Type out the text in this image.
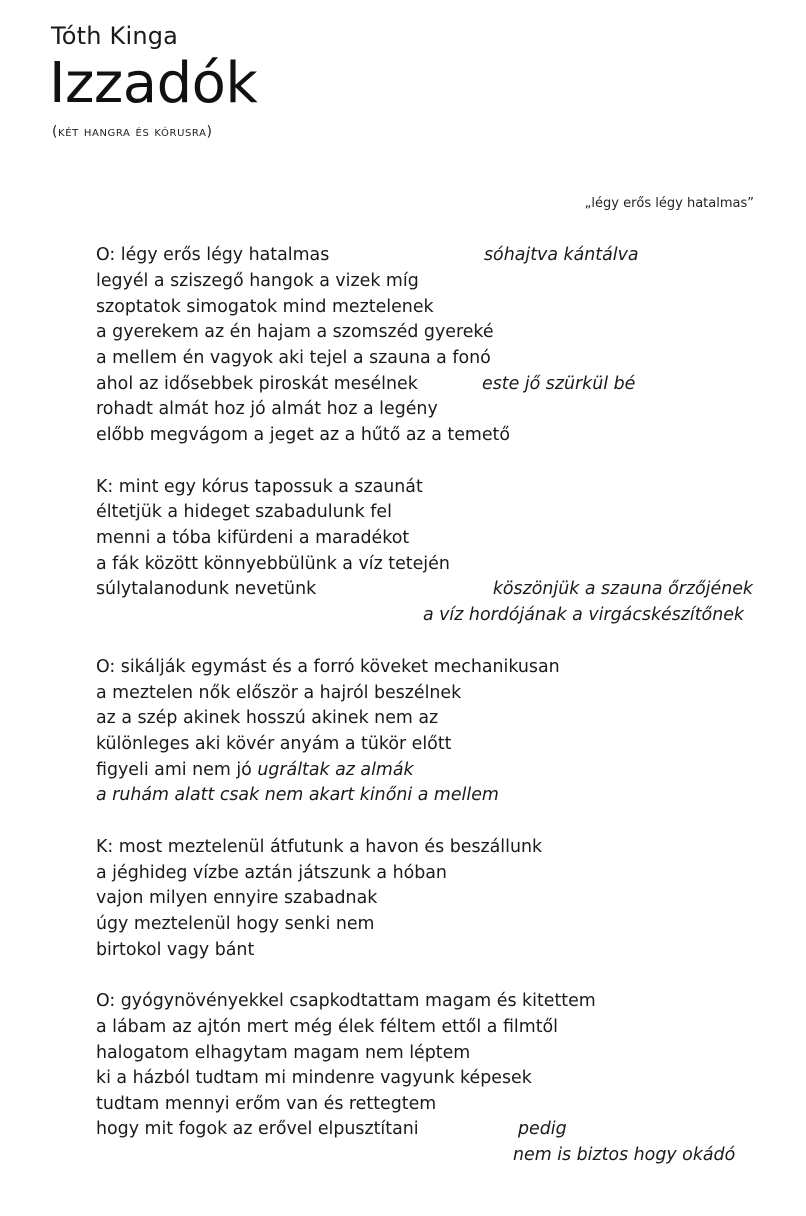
Tóth Kinga
Izzadók
(két hangra és kórusra)
„légy erős légy hatalmas”
O: légy erős légy hatalmas	sóhajtva kántálva
legyél a sziszegő hangok a vizek míg
szoptatok simogatok mind meztelenek
a gyerekem az én hajam a szomszéd gyereké
a mellem én vagyok aki tejel a szauna a fonó
ahol az idősebbek piroskát mesélnek	este jő szürkül bé
rohadt almát hoz jó almát hoz a legény
előbb megvágom a jeget az a hűtő az a temető
K: mint egy kórus tapossuk a szaunát
éltetjük a hideget szabadulunk fel
menni a tóba kifürdeni a maradékot
a fák között könnyebbülünk a víz tetején
súlytalanodunk nevetünk	köszönjük a szauna őrzőjének
a víz hordójának a virgácskészítőnek
O: sikálják egymást és a forró köveket mechanikusan
a meztelen nők először a hajról beszélnek
az a szép akinek hosszú akinek nem az
különleges aki kövér anyám a tükör előtt
figyeli ami nem jó ugráltak az almák
a ruhám alatt csak nem akart kinőni a mellem
K: most meztelenül átfutunk a havon és beszállunk
a jéghideg vízbe aztán játszunk a hóban
vajon milyen ennyire szabadnak
úgy meztelenül hogy senki nem
birtokol vagy bánt
O: gyógynövényekkel csapkodtattam magam és kitettem
a lábam az ajtón mert még élek féltem ettől a filmtől
halogatom elhagytam magam nem léptem
ki a házból tudtam mi mindenre vagyunk képesek
tudtam mennyi erőm van és rettegtem
hogy mit fogok az erővel elpusztítani	pedig
nem is biztos hogy okádó
